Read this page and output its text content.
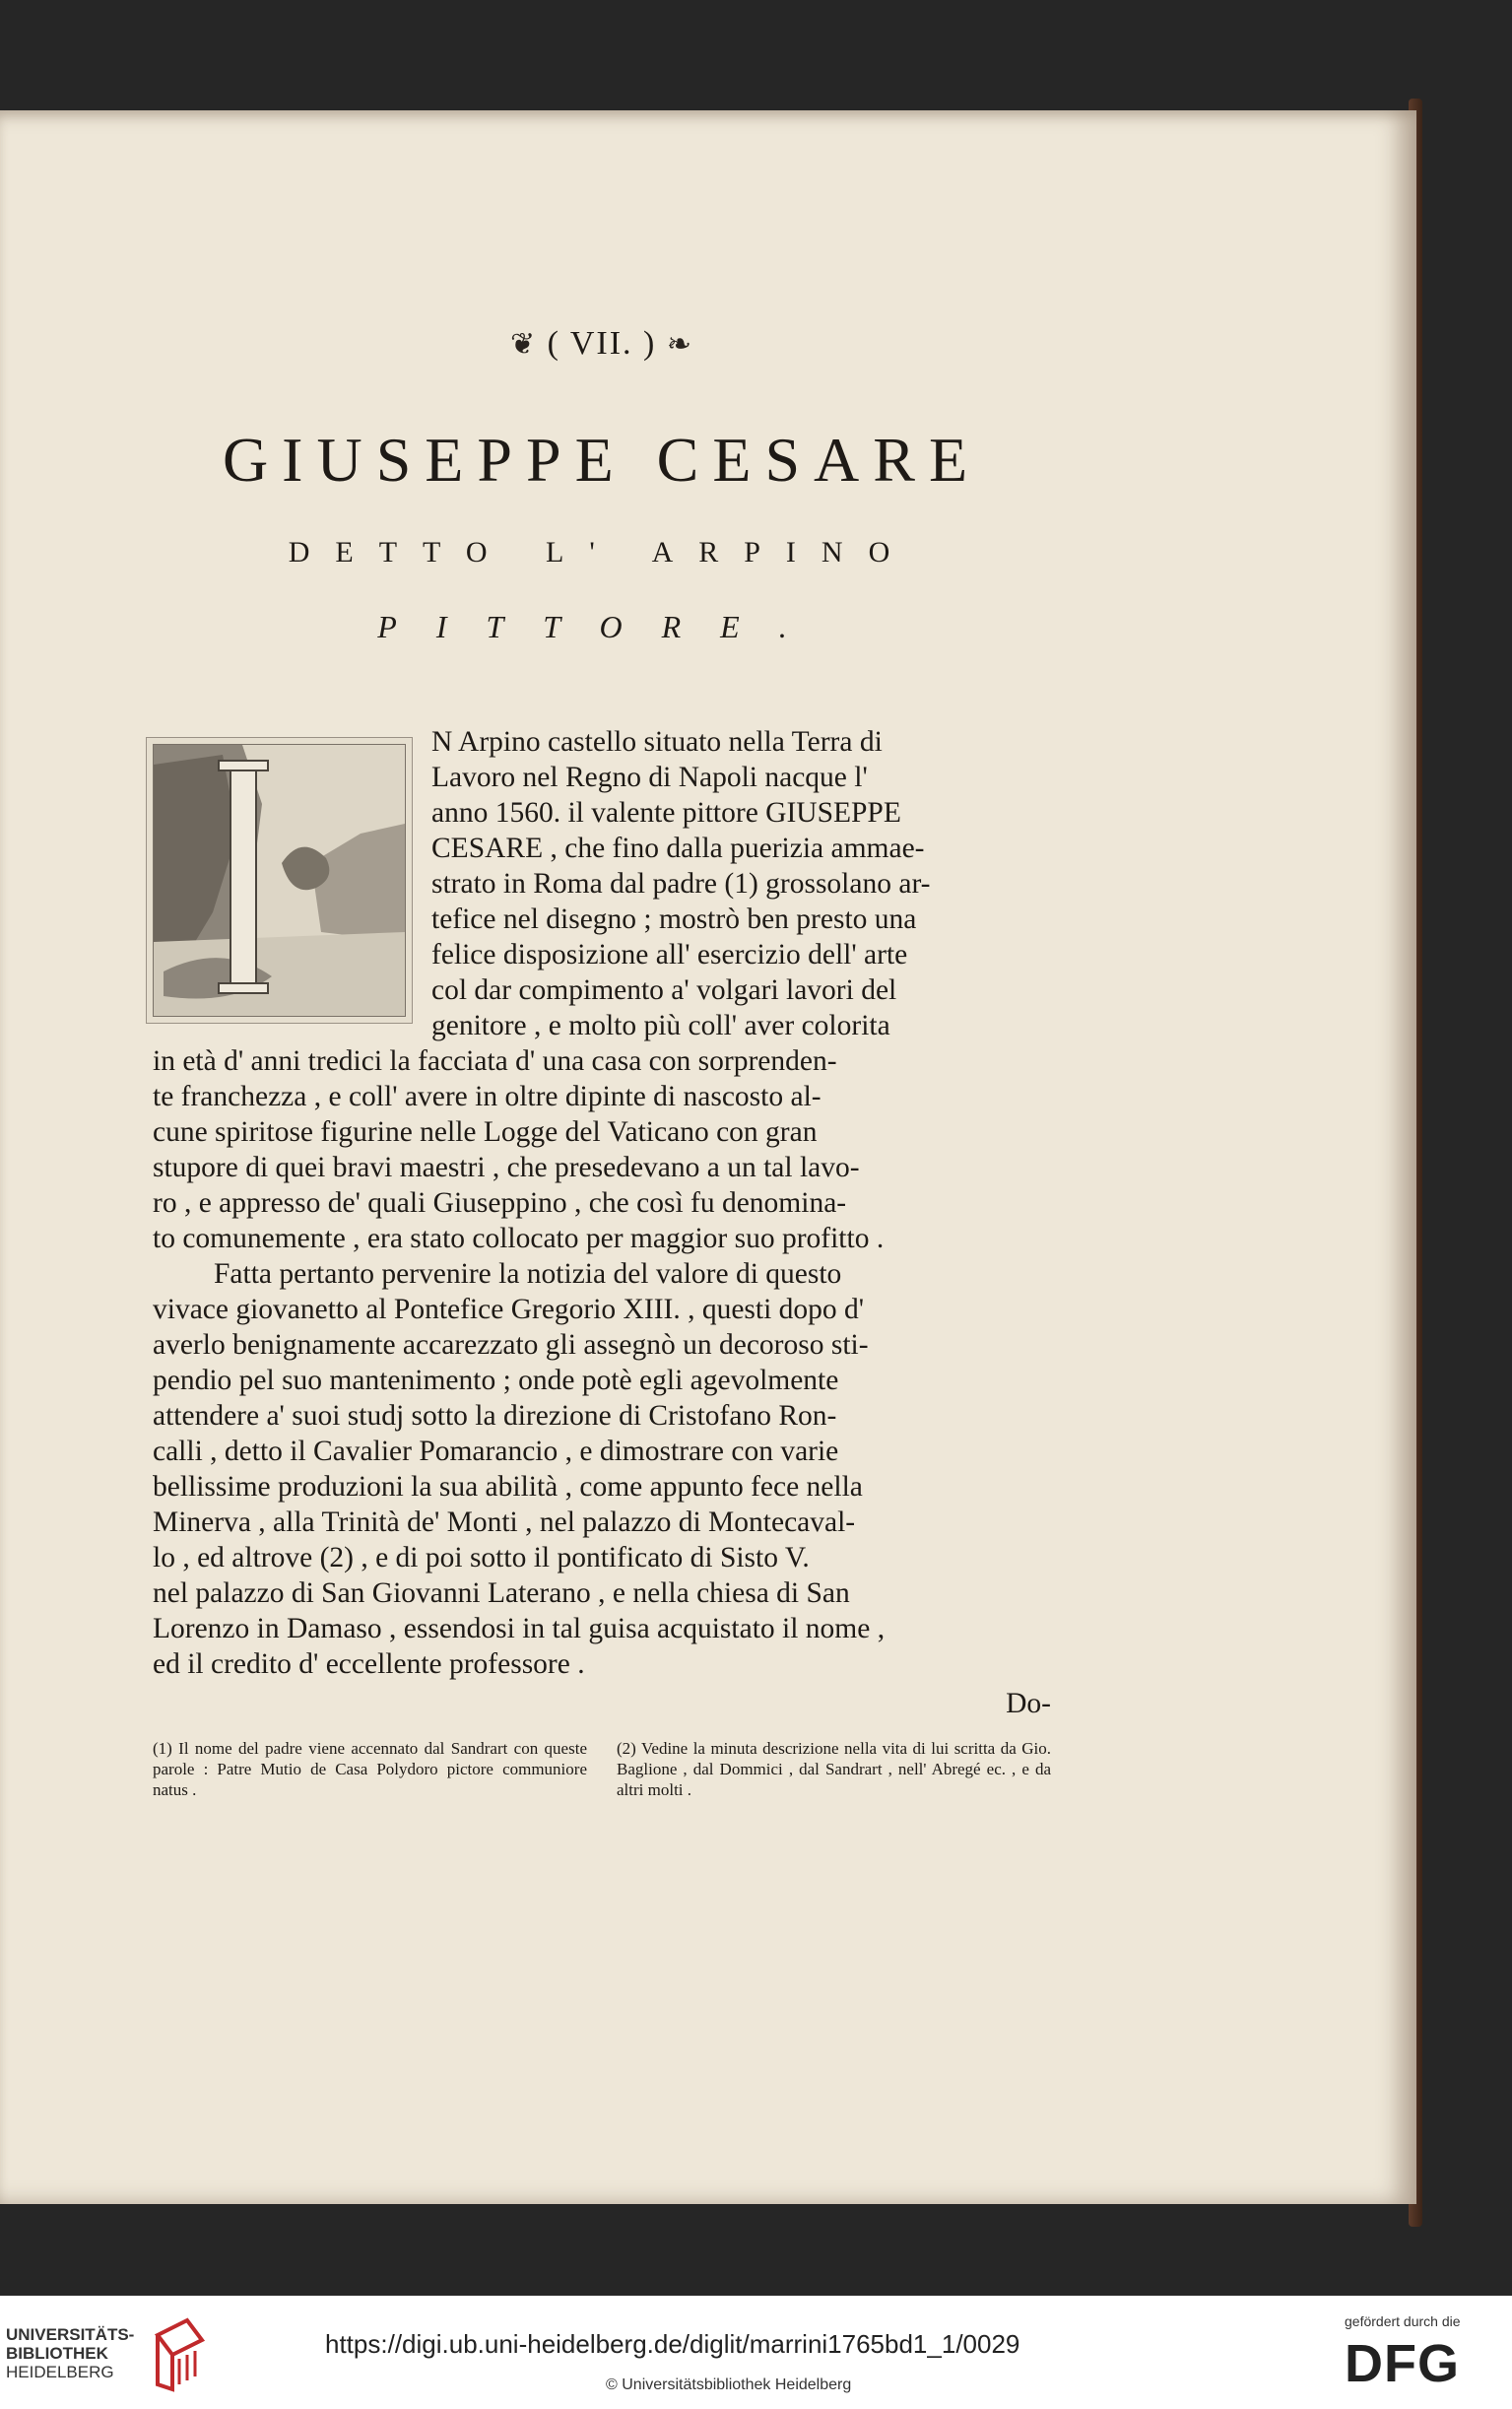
❦ ( VII. ) ❧

GIUSEPPE CESARE

DETTO L' ARPINO

PITTORE.

N Arpino castello situato nella Terra di
Lavoro nel Regno di Napoli nacque l'
anno 1560. il valente pittore GIUSEPPE
CESARE , che fino dalla puerizia ammae-
strato in Roma dal padre (1) grossolano ar-
tefice nel disegno ; mostrò ben presto una
felice disposizione all' esercizio dell' arte
col dar compimento a' volgari lavori del
genitore , e molto più coll' aver colorita

in età d' anni tredici la facciata d' una casa con sorprenden-
te franchezza , e coll' avere in oltre dipinte di nascosto al-
cune spiritose figurine nelle Logge del Vaticano con gran
stupore di quei bravi maestri , che presedevano a un tal lavo-
ro , e appresso de' quali Giuseppino , che così fu denomina-
to comunemente , era stato collocato per maggior suo profitto .

Fatta pertanto pervenire la notizia del valore di questo
vivace giovanetto al Pontefice Gregorio XIII. , questi dopo d'
averlo benignamente accarezzato gli assegnò un decoroso sti-
pendio pel suo mantenimento ; onde potè egli agevolmente
attendere a' suoi studj sotto la direzione di Cristofano Ron-
calli , detto il Cavalier Pomarancio , e dimostrare con varie
bellissime produzioni la sua abilità , come appunto fece nella
Minerva , alla Trinità de' Monti , nel palazzo di Montecaval-
lo , ed altrove (2) , e di poi sotto il pontificato di Sisto V.
nel palazzo di San Giovanni Laterano , e nella chiesa di San
Lorenzo in Damaso , essendosi in tal guisa acquistato il nome ,
ed il credito d' eccellente professore .

Do-

(1) Il nome del padre viene accennato dal Sandrart con queste parole : Patre Mutio de Casa Polydoro pictore communiore natus .
(2) Vedine la minuta descrizione nella vita di lui scritta da Gio. Baglione , dal Dommici , dal Sandrart , nell' Abregé ec. , e da altri molti .
UNIVERSITÄTS-
BIBLIOTHEK
HEIDELBERG
https://digi.ub.uni-heidelberg.de/diglit/marrini1765bd1_1/0029
© Universitätsbibliothek Heidelberg
gefördert durch die
DFG
